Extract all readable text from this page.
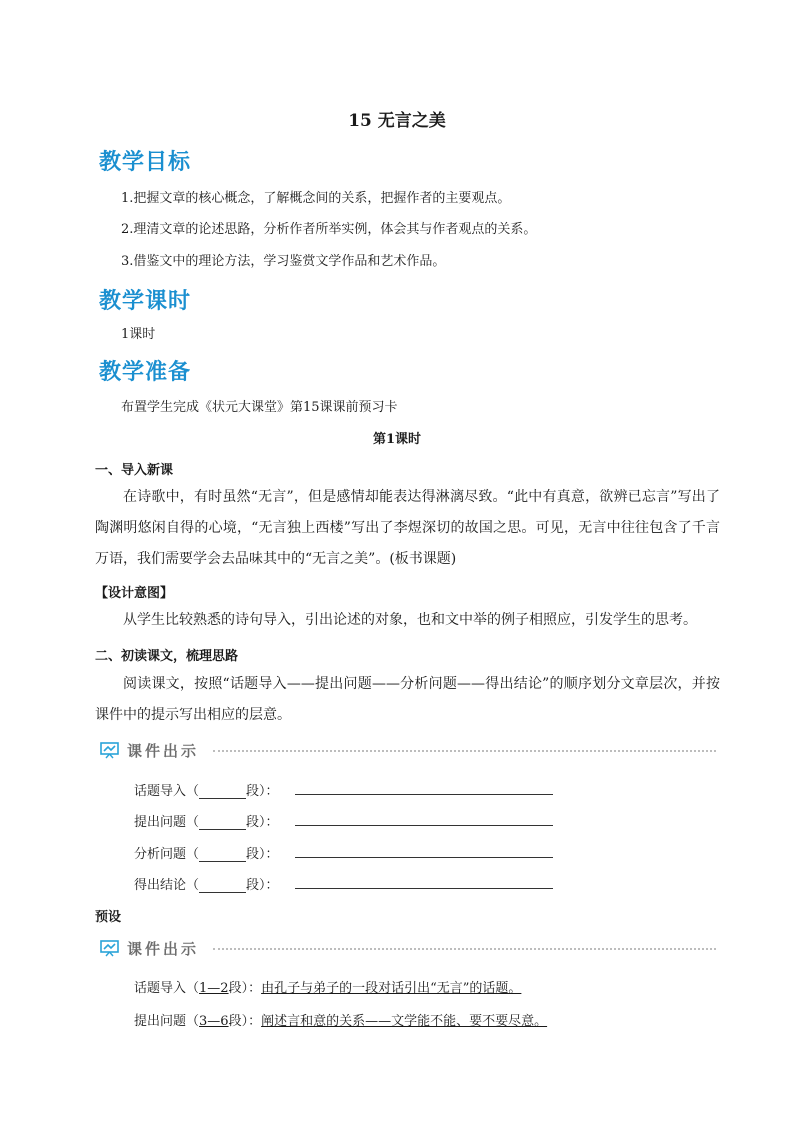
15 无言之美
教学目标
1.把握文章的核心概念，了解概念间的关系，把握作者的主要观点。
2.理清文章的论述思路，分析作者所举实例，体会其与作者观点的关系。
3.借鉴文中的理论方法，学习鉴赏文学作品和艺术作品。
教学课时
1课时
教学准备
布置学生完成《状元大课堂》第15课课前预习卡
第1课时
一、导入新课

在诗歌中，有时虽然“无言”，但是感情却能表达得淋漓尽致。“此中有真意，欲辨已忘言”写出了陶渊明悠闲自得的心境，“无言独上西楼”写出了李煜深切的故国之思。可见，无言中往往包含了千言万语，我们需要学会去品味其中的“无言之美”。(板书课题)

【设计意图】

从学生比较熟悉的诗句导入，引出论述的对象，也和文中举的例子相照应，引发学生的思考。

二、初读课文，梳理思路

阅读课文，按照“话题导入——提出问题——分析问题——得出结论”的顺序划分文章层次，并按课件中的提示写出相应的层意。

课件出示
话题导入（	段）：
提出问题（	段）：
分析问题（	段）：
得出结论（	段）：
预设
课件出示
话题导入（1—2段）：由孔子与弟子的一段对话引出“无言”的话题。
提出问题（3—6段）：阐述言和意的关系——文学能不能、要不要尽意。
